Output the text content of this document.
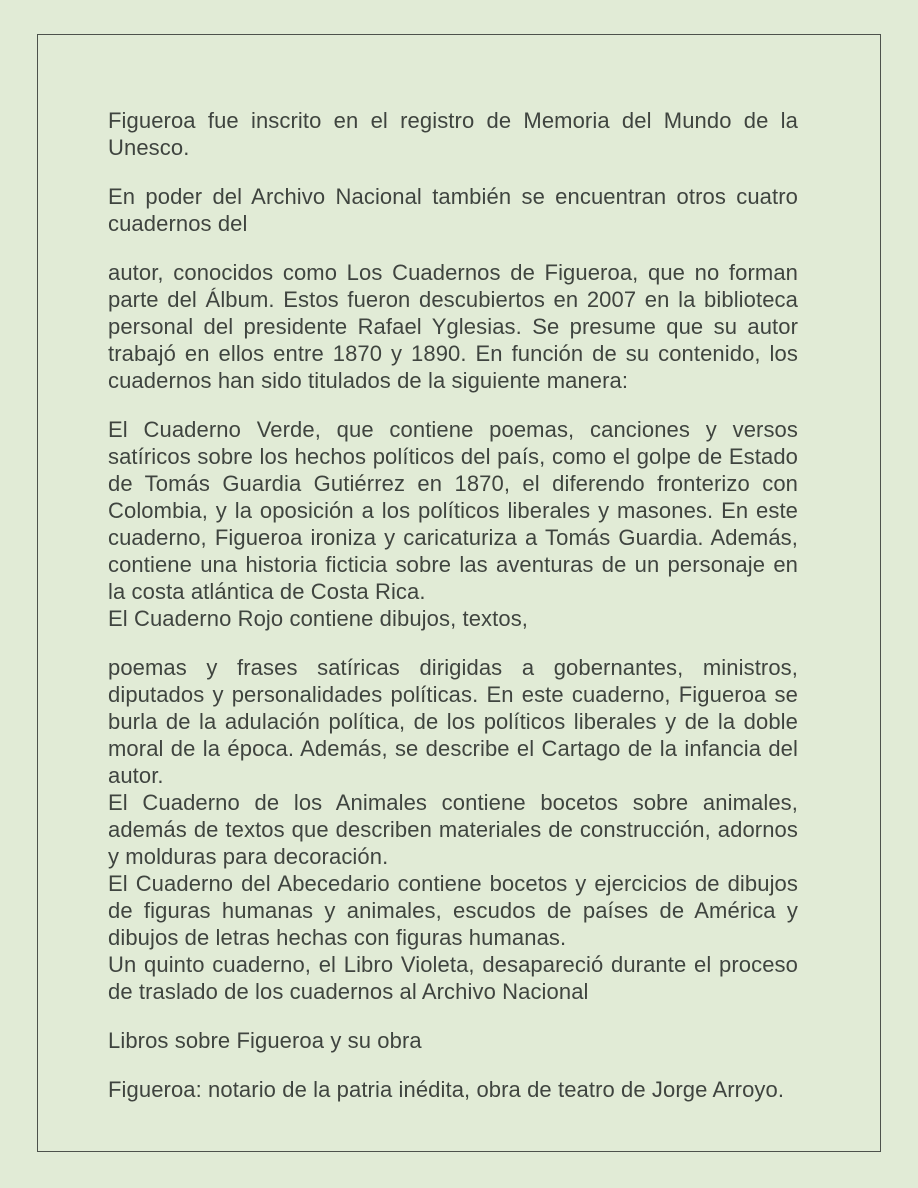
Figueroa fue inscrito en el registro de Memoria del Mundo de la Unesco.

En poder del Archivo Nacional también se encuentran otros cuatro cuadernos del

autor, conocidos como Los Cuadernos de Figueroa, que no forman parte del Álbum. Estos fueron descubiertos en 2007 en la biblioteca personal del presidente Rafael Yglesias. Se presume que su autor trabajó en ellos entre 1870 y 1890. En función de su contenido, los cuadernos han sido titulados de la siguiente manera:

El Cuaderno Verde, que contiene poemas, canciones y versos satíricos sobre los hechos políticos del país, como el golpe de Estado de Tomás Guardia Gutiérrez en 1870, el diferendo fronterizo con Colombia, y la oposición a los políticos liberales y masones. En este cuaderno, Figueroa ironiza y caricaturiza a Tomás Guardia. Además, contiene una historia ficticia sobre las aventuras de un personaje en la costa atlántica de Costa Rica.

El Cuaderno Rojo contiene dibujos, textos,

poemas y frases satíricas dirigidas a gobernantes, ministros, diputados y personalidades políticas. En este cuaderno, Figueroa se burla de la adulación política, de los políticos liberales y de la doble moral de la época. Además, se describe el Cartago de la infancia del autor.

El Cuaderno de los Animales contiene bocetos sobre animales, además de textos que describen materiales de construcción, adornos y molduras para decoración.

El Cuaderno del Abecedario contiene bocetos y ejercicios de dibujos de figuras humanas y animales, escudos de países de América y dibujos de letras hechas con figuras humanas.

Un quinto cuaderno, el Libro Violeta, desapareció durante el proceso de traslado de los cuadernos al Archivo Nacional

Libros sobre Figueroa y su obra

Figueroa: notario de la patria inédita, obra de teatro de Jorge Arroyo.
